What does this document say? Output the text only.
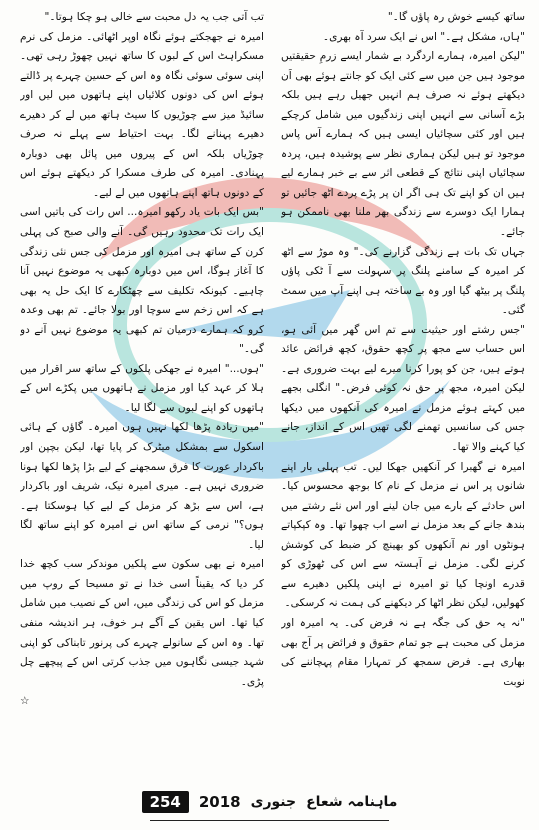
ساتھ کیسے خوش رہ پاؤں گا۔"

"ہاں، مشکل ہے۔" اس نے ایک سرد آہ بھری۔

"لیکن امیرہ، ہمارے اردگرد بے شمار ایسے زرمِ حقیقتیں موجود ہیں جن میں سے کئی ایک کو جانتے ہوئے بھی اَن دیکھتے ہوئے نہ صرف ہم انہیں جھیل رہے ہیں بلکہ بڑے آسانی سے انہیں اپنی زندگیوں میں شامل کرچکے ہیں اور کئی سچائیاں ایسی ہیں کہ ہمارے آس پاس موجود تو ہیں لیکن ہماری نظر سے پوشیدہ ہیں، پردہ سچائیاں اپنی نتائج کے قطعی اثر سے بے خبر ہمارے لیے ہیں ان کو اپنے تک ہی اگر ان پر پڑے پردے اٹھ جائیں تو ہمارا ایک دوسرے سے زندگی بھر ملنا بھی ناممکن ہو جائے۔

جہاں تک بات ہے زندگی گزارنے کی۔" وہ موڑ سے اٹھ کر امیرہ کے سامنے پلنگ پر سہولت سے آ ٹکی پاؤں پلنگ پر بیٹھ گیا اور وہ بے ساختہ ہی اپنے آپ میں سمٹ گئی۔

"جس رشتے اور حیثیت سے تم اس گھر میں آئی ہو، اس حساب سے مجھ پر کچھ حقوق، کچھ فرائض عائد ہوتے ہیں، جن کو پورا کرنا میرے لیے بہت ضروری ہے۔ لیکن امیرہ، مجھ پر حق نہ کوئی فرض۔" انگلی بجھے میں کہتے ہوئے مزمل نے امیرہ کی آنکھوں میں دیکھا جس کی سانسیں تھمنے لگی تھیں اس کے انداز، جانے کیا کہنے والا تھا۔

امیرہ نے گھبرا کر آنکھیں جھکا لیں۔ تب پہلی بار اپنے شانوں پر اس نے مزمل کے نام کا بوجھ محسوس کیا۔ اس حادثے کے بارے میں جان لینے اور اس نئے رشتے میں بندھ جانے کے بعد مزمل نے اسے اب چھوا تھا۔ وہ کپکپاتے ہونٹوں اور نم آنکھوں کو بھینچ کر ضبط کی کوشش کرنے لگی۔ مزمل نے آہستہ سے اس کی ٹھوڑی کو قدرے اونچا کیا تو امیرہ نے اپنی پلکیں دھیرے سے کھولیں، لیکن نظر اٹھا کر دیکھنے کی ہمت نہ کرسکی۔

"نہ یہ حق کی جگہ ہے نہ فرض کی۔ یہ امیرہ اور مزمل کی محبت ہے جو تمام حقوق و فرائض پر آج بھی بھاری ہے۔ فرض سمجھ کر تمہارا مقام پہچاننے کی نوبت

تب آتی جب یہ دل محبت سے خالی ہو چکا ہوتا۔"

امیرہ نے جھجکتے ہوئے نگاہ اوپر اٹھائی۔ مزمل کی نرم مسکراہٹ اس کے لبوں کا ساتھ نہیں چھوڑ رہی تھی۔ اپنی سوئی سوئی نگاہ وہ اس کے حسین چہرے پر ڈالتے ہوئے اس کی دونوں کلائیاں اپنے ہاتھوں میں لیں اور سائیڈ میز سے چوڑیوں کا سیٹ ہاتھ میں لے کر دھیرے دھیرے پہنانے لگا۔ بہت احتیاط سے پہلے نہ صرف چوڑیاں بلکہ اس کے پیروں میں پائل بھی دوبارہ پہنادی۔ امیرہ کی طرف مسکرا کر دیکھتے ہوئے اس کے دونوں ہاتھ اپنے ہاتھوں میں لے لیے۔

"بس ایک بات یاد رکھو امیرہ... اس رات کی باتیں اسی ایک رات تک محدود رہیں گی۔ آنے والی صبح کی پہلی کرن کے ساتھ ہی امیرہ اور مزمل کی جس نئی زندگی کا آغاز ہوگا، اس میں دوبارہ کبھی یہ موضوع نہیں آنا چاہیے۔ کیونکہ تکلیف سے چھٹکارے کا ایک حل یہ بھی ہے کہ اس زخم سے سوچا اور بولا جائے۔ تم بھی وعدہ کرو کہ ہمارے درمیان تم کبھی یہ موضوع نہیں آنے دو گی۔"

"ہوں..." امیرہ نے جھکی پلکوں کے ساتھ سر اقرار میں ہلا کر عہد کیا اور مزمل نے ہاتھوں میں پکڑے اس کے ہاتھوں کو اپنے لبوں سے لگا لیا۔

"میں زیادہ پڑھا لکھا نہیں ہوں امیرہ۔ گاؤں کے ہائی اسکول سے بمشکل میٹرک کر پایا تھا، لیکن بچپن اور باکردار عورت کا فرق سمجھنے کے لیے بڑا پڑھا لکھا ہونا ضروری نہیں ہے۔ میری امیرہ نیک، شریف اور باکردار ہے، اس سے بڑھ کر مزمل کے لیے کیا ہوسکتا ہے۔ ہوں؟" نرمی کے ساتھ اس نے امیرہ کو اپنے ساتھ لگا لیا۔

امیرہ نے بھی سکون سے پلکیں موندکر سب کچھ خدا کر دیا کہ یقیناً اسی خدا نے تو مسیحا کے روپ میں مزمل کو اس کی زندگی میں، اس کے نصیب میں شامل کیا تھا۔ اس یقین کے آگے ہر خوف، ہر اندیشہ منفی تھا۔ وہ اس کے سانولے چہرے کی پرنور تابناکی کو اپنی شہد جیسی نگاہوں میں جذب کرتی اس کے پیچھے چل پڑی۔

☆

ماہنامہ شعاع
جنوری
2018
254
